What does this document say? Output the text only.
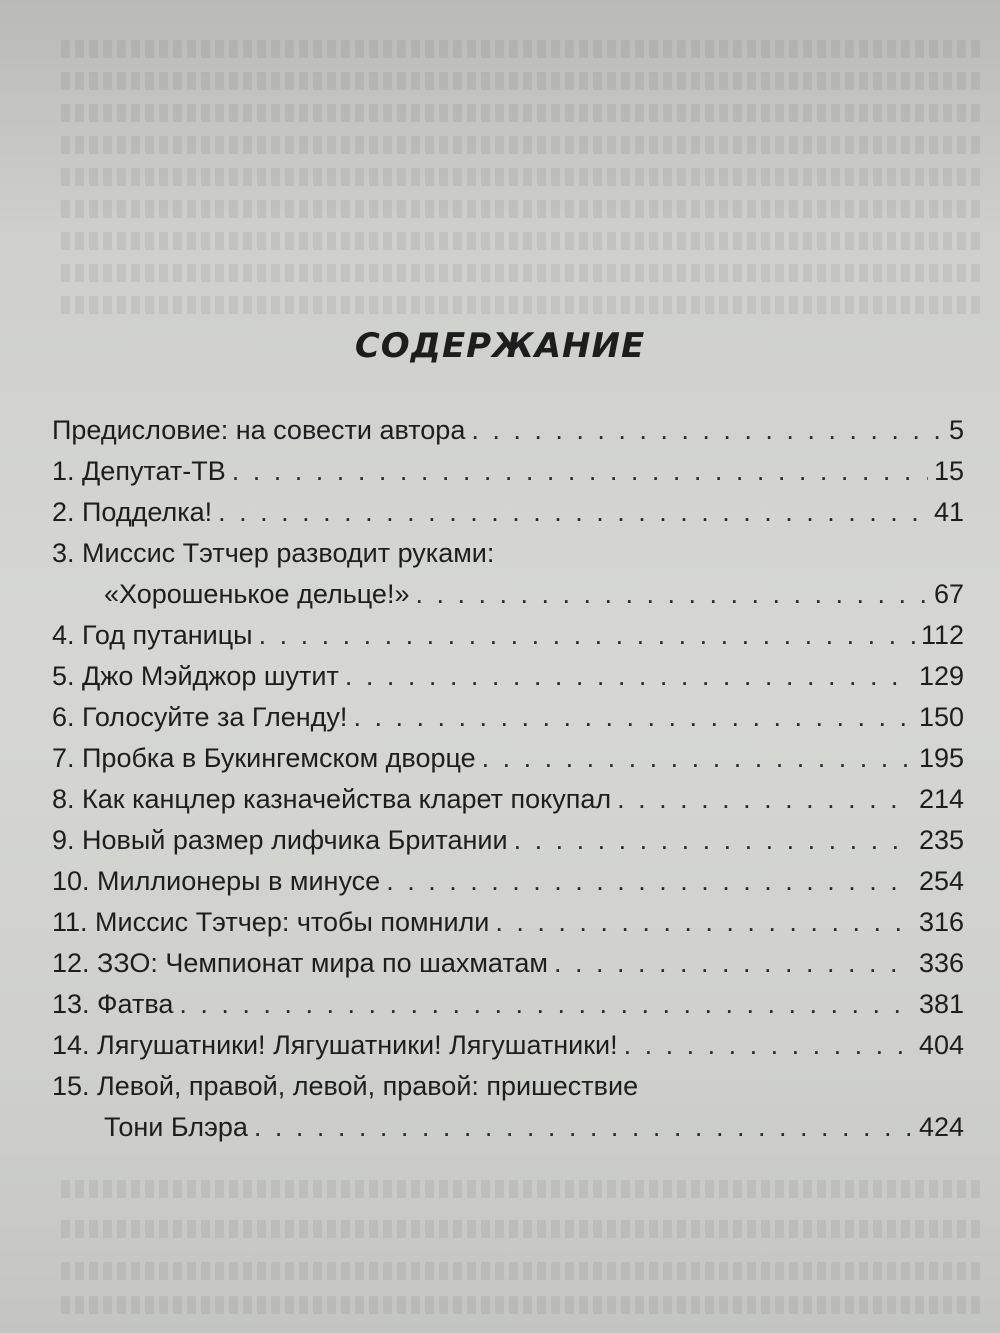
СОДЕРЖАНИЕ
Предисловие: на совести автора . . .	5
1. Депутат-ТВ . . .	15
2. Подделка! . . .	41
3. Миссис Тэтчер разводит руками:
«Хорошенькое дельце!» . . .	67
4. Год путаницы . . .	112
5. Джо Мэйджор шутит . . .	129
6. Голосуйте за Гленду! . . .	150
7. Пробка в Букингемском дворце . . .	195
8. Как канцлер казначейства кларет покупал . . .	214
9. Новый размер лифчика Британии . . .	235
10. Миллионеры в минусе . . .	254
11. Миссис Тэтчер: чтобы помнили . . .	316
12. ЗЗО: Чемпионат мира по шахматам . . .	336
13. Фатва . . .	381
14. Лягушатники! Лягушатники! Лягушатники! . . .	404
15. Левой, правой, левой, правой: пришествие
Тони Блэра . . .	424
